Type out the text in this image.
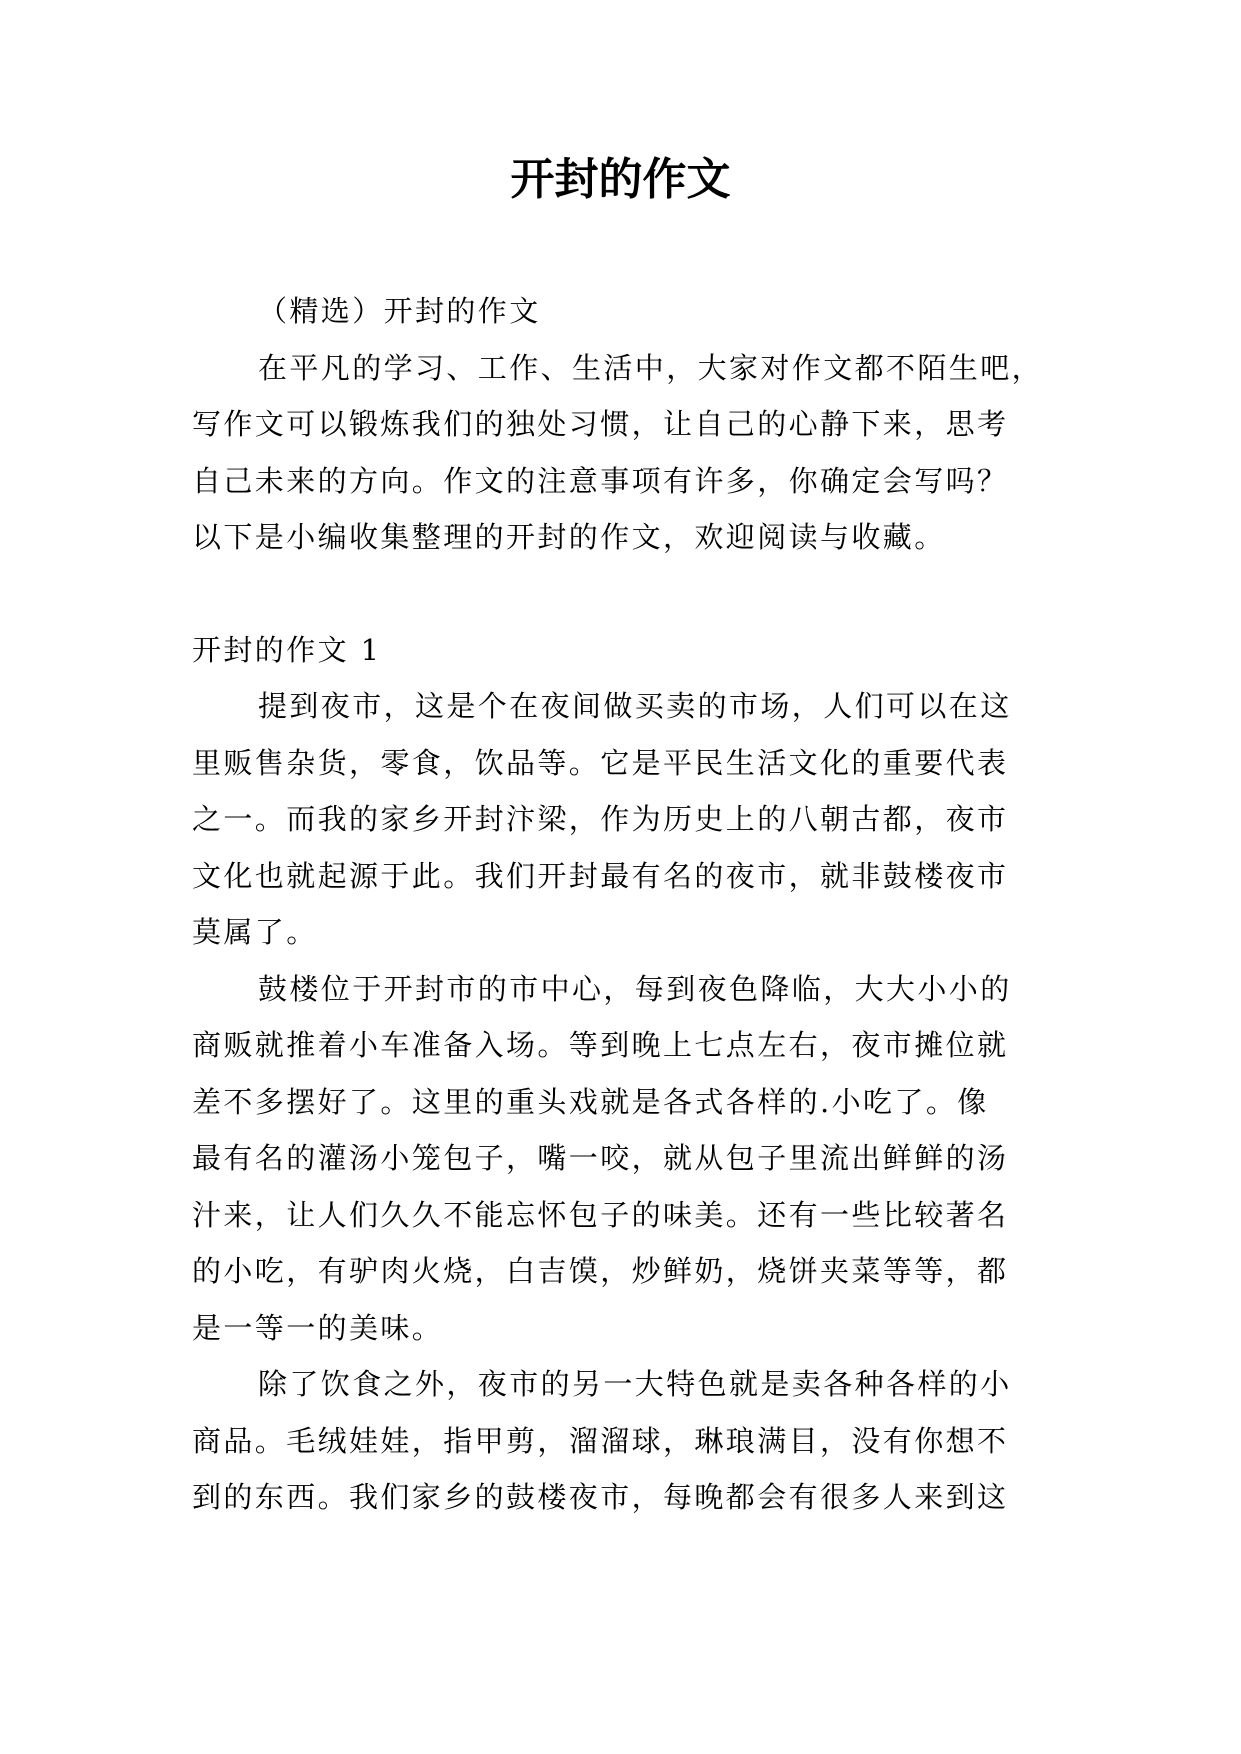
开封的作文

（精选）开封的作文

在平凡的学习、工作、生活中，大家对作文都不陌生吧，

写作文可以锻炼我们的独处习惯，让自己的心静下来，思考

自己未来的方向。作文的注意事项有许多，你确定会写吗？

以下是小编收集整理的开封的作文，欢迎阅读与收藏。

开封的作文 1

提到夜市，这是个在夜间做买卖的市场，人们可以在这

里贩售杂货，零食，饮品等。它是平民生活文化的重要代表

之一。而我的家乡开封汴梁，作为历史上的八朝古都，夜市

文化也就起源于此。我们开封最有名的夜市，就非鼓楼夜市

莫属了。

鼓楼位于开封市的市中心，每到夜色降临，大大小小的

商贩就推着小车准备入场。等到晚上七点左右，夜市摊位就

差不多摆好了。这里的重头戏就是各式各样的.小吃了。像

最有名的灌汤小笼包子，嘴一咬，就从包子里流出鲜鲜的汤

汁来，让人们久久不能忘怀包子的味美。还有一些比较著名

的小吃，有驴肉火烧，白吉馍，炒鲜奶，烧饼夹菜等等，都

是一等一的美味。

除了饮食之外，夜市的另一大特色就是卖各种各样的小

商品。毛绒娃娃，指甲剪，溜溜球，琳琅满目，没有你想不

到的东西。我们家乡的鼓楼夜市，每晚都会有很多人来到这
